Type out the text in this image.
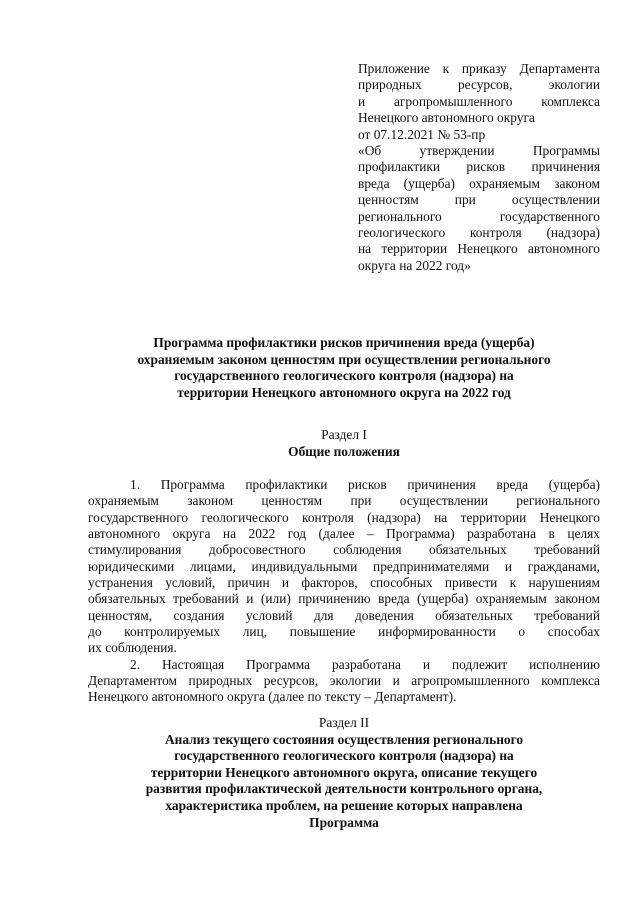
Приложение к приказу Департамента
природных ресурсов, экологии
и агропромышленного комплекса
Ненецкого автономного округа
от 07.12.2021 № 53-пр
«Об утверждении Программы
профилактики рисков причинения
вреда (ущерба) охраняемым законом
ценностям при осуществлении
регионального государственного
геологического контроля (надзора)
на территории Ненецкого автономного
округа на 2022 год»
Программа профилактики рисков причинения вреда (ущерба)
охраняемым законом ценностям при осуществлении регионального
государственного геологического контроля (надзора) на
территории Ненецкого автономного округа на 2022 год
Раздел I
Общие положения
1. Программа профилактики рисков причинения вреда (ущерба)
охраняемым законом ценностям при осуществлении регионального
государственного геологического контроля (надзора) на территории Ненецкого
автономного округа на 2022 год (далее – Программа) разработана в целях
стимулирования добросовестного соблюдения обязательных требований
юридическими лицами, индивидуальными предпринимателями и гражданами,
устранения условий, причин и факторов, способных привести к нарушениям
обязательных требований и (или) причинению вреда (ущерба) охраняемым законом
ценностям, создания условий для доведения обязательных требований
до контролируемых лиц, повышение информированности о способах
их соблюдения.
2. Настоящая Программа разработана и подлежит исполнению
Департаментом природных ресурсов, экологии и агропромышленного комплекса
Ненецкого автономного округа (далее по тексту – Департамент).
Раздел II
Анализ текущего состояния осуществления регионального
государственного геологического контроля (надзора) на
территории Ненецкого автономного округа, описание текущего
развития профилактической деятельности контрольного органа,
характеристика проблем, на решение которых направлена
Программа
